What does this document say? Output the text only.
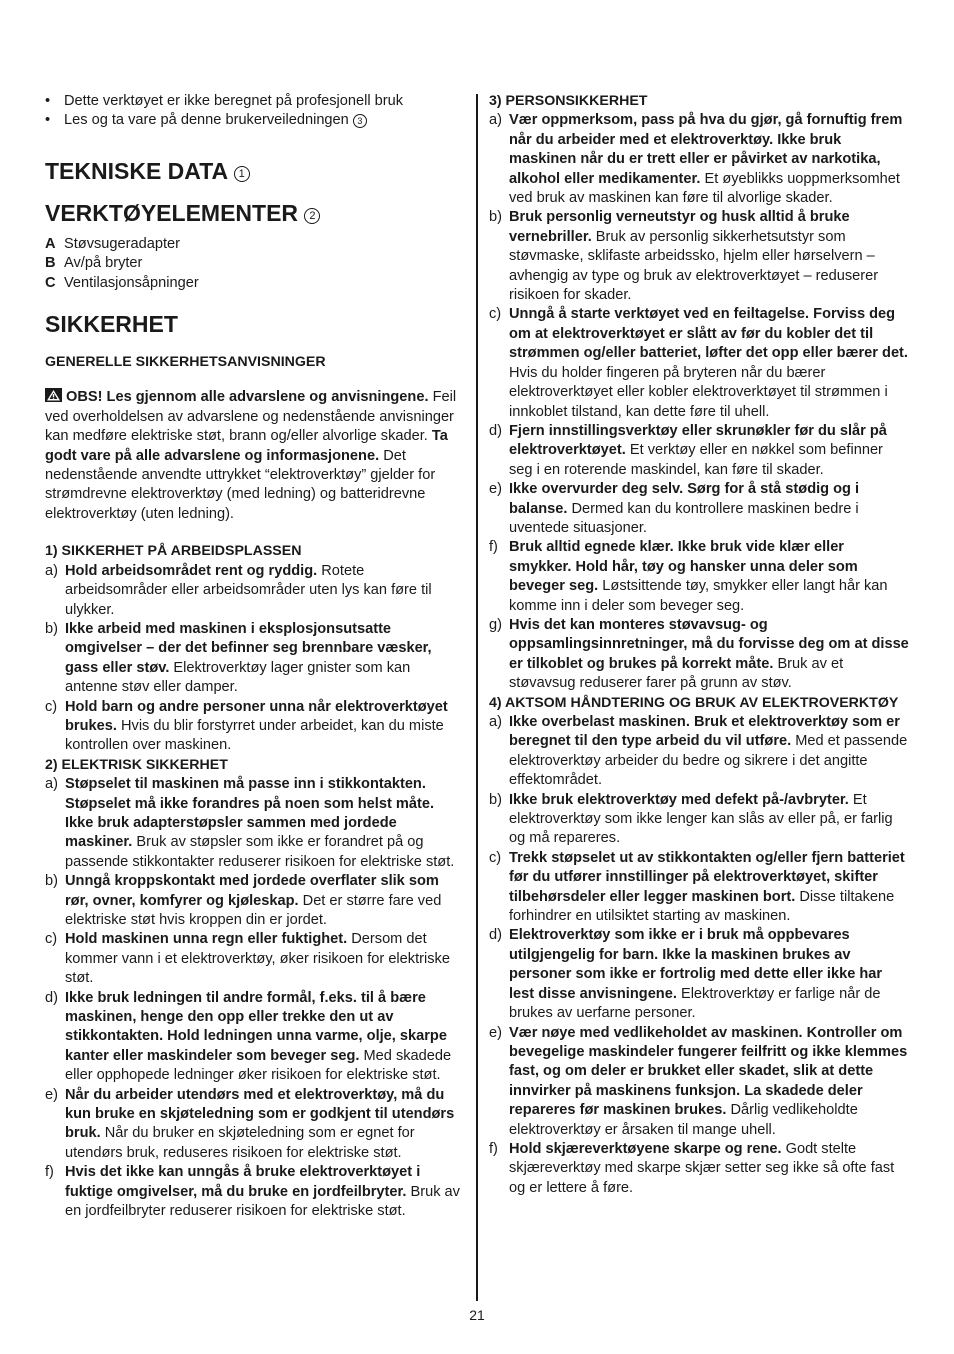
• Dette verktøyet er ikke beregnet på profesjonell bruk
• Les og ta vare på denne brukerveiledningen 3
TEKNISKE DATA 1
VERKTØYELEMENTER 2
A Støvsugeradapter
B Av/på bryter
C Ventilasjonsåpninger
SIKKERHET
GENERELLE SIKKERHETSANVISNINGER
OBS! Les gjennom alle advarslene og anvisningene. Feil ved overholdelsen av advarslene og nedenstående anvisninger kan medføre elektriske støt, brann og/eller alvorlige skader. Ta godt vare på alle advarslene og informasjonene. Det nedenstående anvendte uttrykket “elektroverktøy” gjelder for strømdrevne elektroverktøy (med ledning) og batteridrevne elektroverktøy (uten ledning).
1) SIKKERHET PÅ ARBEIDSPLASSEN
a) Hold arbeidsområdet rent og ryddig. Rotete arbeidsområder eller arbeidsområder uten lys kan føre til ulykker.
b) Ikke arbeid med maskinen i eksplosjonsutsatte omgivelser – der det befinner seg brennbare væsker, gass eller støv. Elektroverktøy lager gnister som kan antenne støv eller damper.
c) Hold barn og andre personer unna når elektroverktøyet brukes. Hvis du blir forstyrret under arbeidet, kan du miste kontrollen over maskinen.
2) ELEKTRISK SIKKERHET
a) Støpselet til maskinen må passe inn i stikkontakten. Støpselet må ikke forandres på noen som helst måte. Ikke bruk adapterstøpsler sammen med jordede maskiner. Bruk av støpsler som ikke er forandret på og passende stikkontakter reduserer risikoen for elektriske støt.
b) Unngå kroppskontakt med jordede overflater slik som rør, ovner, komfyrer og kjøleskap. Det er større fare ved elektriske støt hvis kroppen din er jordet.
c) Hold maskinen unna regn eller fuktighet. Dersom det kommer vann i et elektroverktøy, øker risikoen for elektriske støt.
d) Ikke bruk ledningen til andre formål, f.eks. til å bære maskinen, henge den opp eller trekke den ut av stikkontakten. Hold ledningen unna varme, olje, skarpe kanter eller maskindeler som beveger seg. Med skadede eller opphopede ledninger øker risikoen for elektriske støt.
e) Når du arbeider utendørs med et elektroverktøy, må du kun bruke en skjøteledning som er godkjent til utendørs bruk. Når du bruker en skjøteledning som er egnet for utendørs bruk, reduseres risikoen for elektriske støt.
f) Hvis det ikke kan unngås å bruke elektroverktøyet i fuktige omgivelser, må du bruke en jordfeilbryter. Bruk av en jordfeilbryter reduserer risikoen for elektriske støt.
3) PERSONSIKKERHET
a) Vær oppmerksom, pass på hva du gjør, gå fornuftig frem når du arbeider med et elektroverktøy. Ikke bruk maskinen når du er trett eller er påvirket av narkotika, alkohol eller medikamenter. Et øyeblikks uoppmerksomhet ved bruk av maskinen kan føre til alvorlige skader.
b) Bruk personlig verneutstyr og husk alltid å bruke vernebriller. Bruk av personlig sikkerhetsutstyr som støvmaske, sklifaste arbeidssko, hjelm eller hørselvern – avhengig av type og bruk av elektroverktøyet – reduserer risikoen for skader.
c) Unngå å starte verktøyet ved en feiltagelse. Forviss deg om at elektroverktøyet er slått av før du kobler det til strømmen og/eller batteriet, løfter det opp eller bærer det. Hvis du holder fingeren på bryteren når du bærer elektroverktøyet eller kobler elektroverktøyet til strømmen i innkoblet tilstand, kan dette føre til uhell.
d) Fjern innstillingsverktøy eller skrunøkler før du slår på elektroverktøyet. Et verktøy eller en nøkkel som befinner seg i en roterende maskindel, kan føre til skader.
e) Ikke overvurder deg selv. Sørg for å stå stødig og i balanse. Dermed kan du kontrollere maskinen bedre i uventede situasjoner.
f) Bruk alltid egnede klær. Ikke bruk vide klær eller smykker. Hold hår, tøy og hansker unna deler som beveger seg. Løstsittende tøy, smykker eller langt hår kan komme inn i deler som beveger seg.
g) Hvis det kan monteres støvavsug- og oppsamlingsinnretninger, må du forvisse deg om at disse er tilkoblet og brukes på korrekt måte. Bruk av et støvavsug reduserer farer på grunn av støv.
4) AKTSOM HÅNDTERING OG BRUK AV ELEKTROVERKTØY
a) Ikke overbelast maskinen. Bruk et elektroverktøy som er beregnet til den type arbeid du vil utføre. Med et passende elektroverktøy arbeider du bedre og sikrere i det angitte effektområdet.
b) Ikke bruk elektroverktøy med defekt på-/avbryter. Et elektroverktøy som ikke lenger kan slås av eller på, er farlig og må repareres.
c) Trekk støpselet ut av stikkontakten og/eller fjern batteriet før du utfører innstillinger på elektroverktøyet, skifter tilbehørsdeler eller legger maskinen bort. Disse tiltakene forhindrer en utilsiktet starting av maskinen.
d) Elektroverktøy som ikke er i bruk må oppbevares utilgjengelig for barn. Ikke la maskinen brukes av personer som ikke er fortrolig med dette eller ikke har lest disse anvisningene. Elektroverktøy er farlige når de brukes av uerfarne personer.
e) Vær nøye med vedlikeholdet av maskinen. Kontroller om bevegelige maskindeler fungerer feilfritt og ikke klemmes fast, og om deler er brukket eller skadet, slik at dette innvirker på maskinens funksjon. La skadede deler repareres før maskinen brukes. Dårlig vedlikeholdte elektroverktøy er årsaken til mange uhell.
f) Hold skjæreverktøyene skarpe og rene. Godt stelte skjæreverktøy med skarpe skjær setter seg ikke så ofte fast og er lettere å føre.
21
